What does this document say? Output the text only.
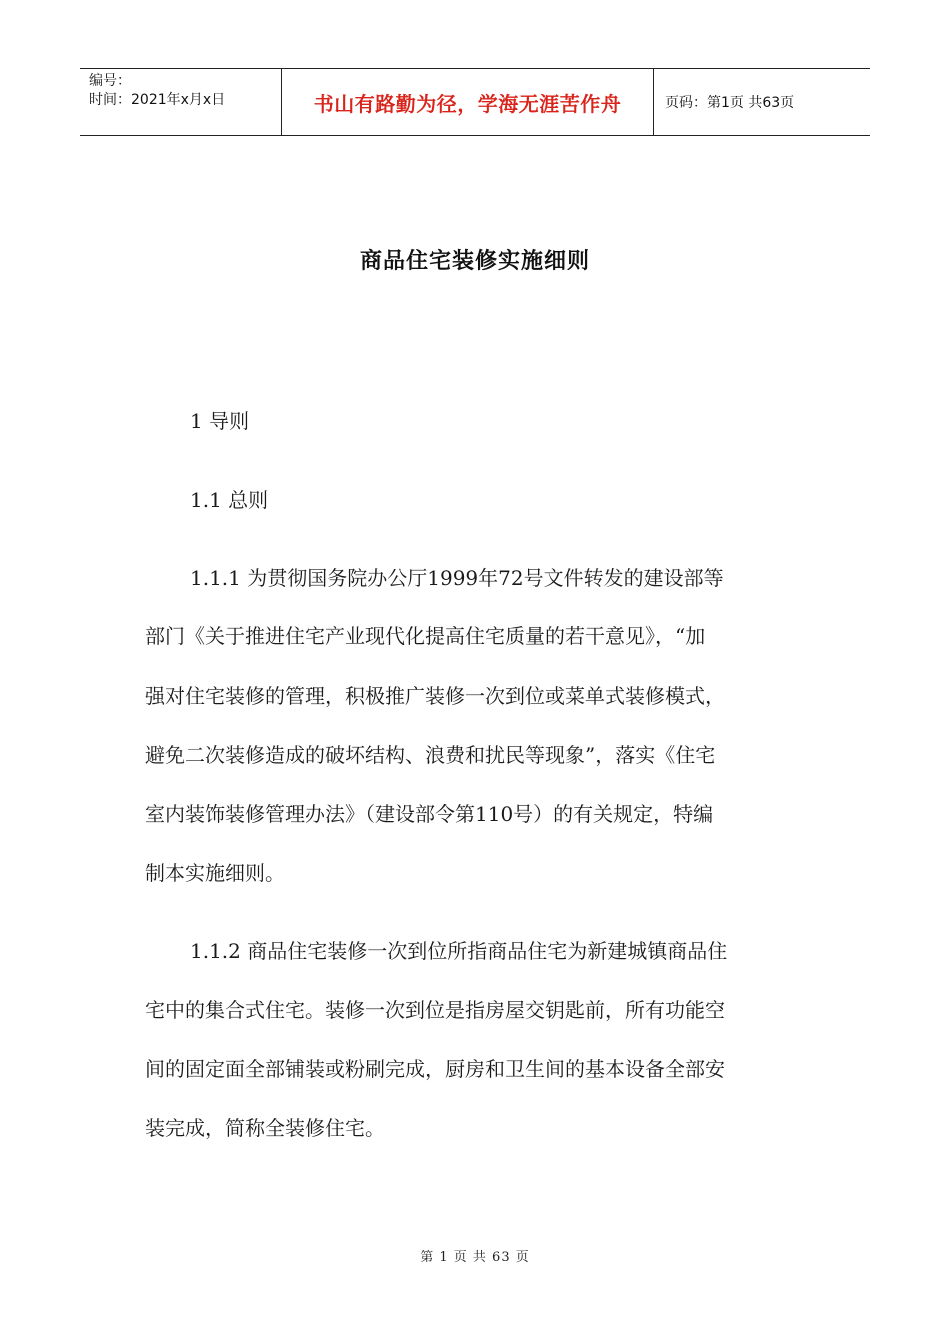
编号：
时间：2021年x月x日	书山有路勤为径，学海无涯苦作舟	页码：第1页 共63页
商品住宅装修实施细则
1 导则
1.1 总则
1.1.1 为贯彻国务院办公厅1999年72号文件转发的建设部等
部门《关于推进住宅产业现代化提高住宅质量的若干意见》，“加
强对住宅装修的管理，积极推广装修一次到位或菜单式装修模式，
避免二次装修造成的破坏结构、浪费和扰民等现象”，落实《住宅
室内装饰装修管理办法》（建设部令第110号）的有关规定，特编
制本实施细则。
1.1.2 商品住宅装修一次到位所指商品住宅为新建城镇商品住
宅中的集合式住宅。装修一次到位是指房屋交钥匙前，所有功能空
间的固定面全部铺装或粉刷完成，厨房和卫生间的基本设备全部安
装完成，简称全装修住宅。
第 1 页 共 63 页
